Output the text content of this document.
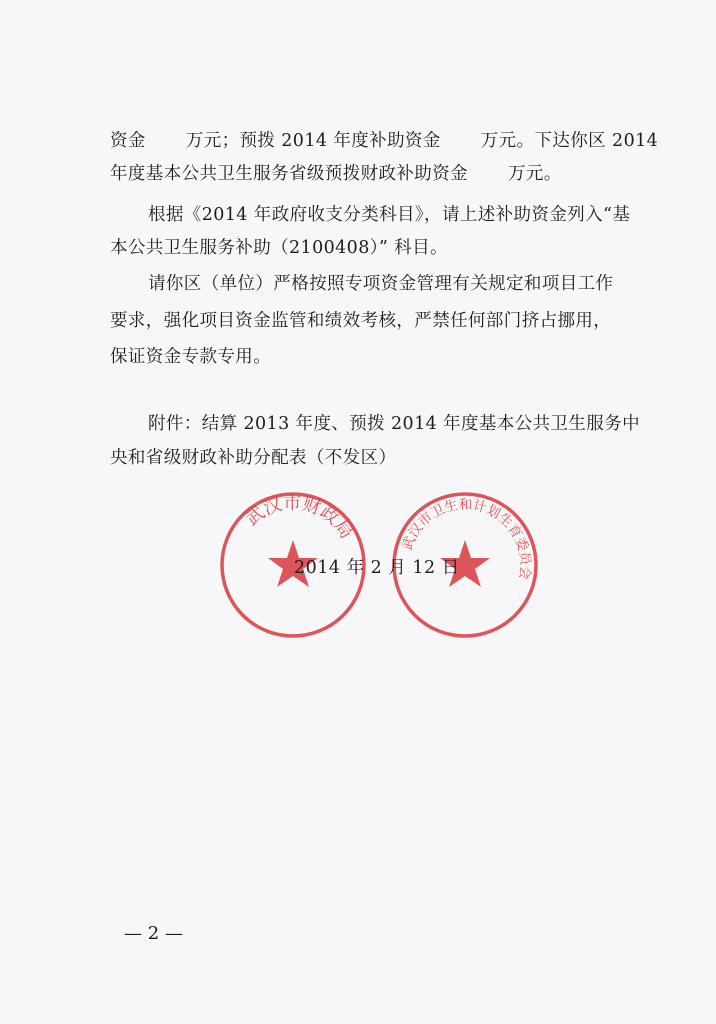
资金 万元；预拨 2014 年度补助资金 万元。下达你区 2014
年度基本公共卫生服务省级预拨财政补助资金 万元。
根据《2014 年政府收支分类科目》，请上述补助资金列入“基
本公共卫生服务补助（2100408）” 科目。
请你区（单位）严格按照专项资金管理有关规定和项目工作
要求，强化项目资金监管和绩效考核，严禁任何部门挤占挪用，
保证资金专款专用。
附件：结算 2013 年度、预拨 2014 年度基本公共卫生服务中
央和省级财政补助分配表（不发区）
武汉市财政局
武汉市卫生和计划生育委员会
2014 年 2 月 12 日
— 2 —
